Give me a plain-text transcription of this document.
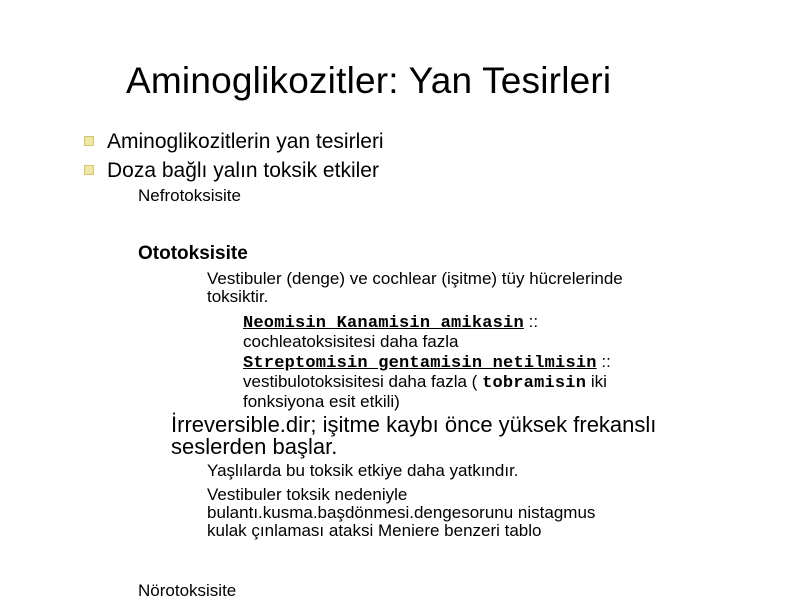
Aminoglikozitler: Yan Tesirleri
Aminoglikozitlerin yan tesirleri
Doza bağlı yalın toksik etkiler
Nefrotoksisite
Ototoksisite
Vestibuler (denge) ve cochlear (işitme) tüy hücrelerinde
toksiktir.
Neomisin Kanamisin amikasin ::
cochleatoksisitesi daha fazla
Streptomisin gentamisin netilmisin ::
vestibulotoksisitesi daha fazla ( tobramisin iki
fonksiyona esit etkili)
İrreversible.dir; işitme kaybı önce yüksek frekanslı
seslerden başlar.
Yaşlılarda bu toksik etkiye daha yatkındır.
Vestibuler toksik nedeniyle
bulantı.kusma.başdönmesi.dengesorunu nistagmus
kulak çınlaması ataksi Meniere benzeri tablo
Nörotoksisite
